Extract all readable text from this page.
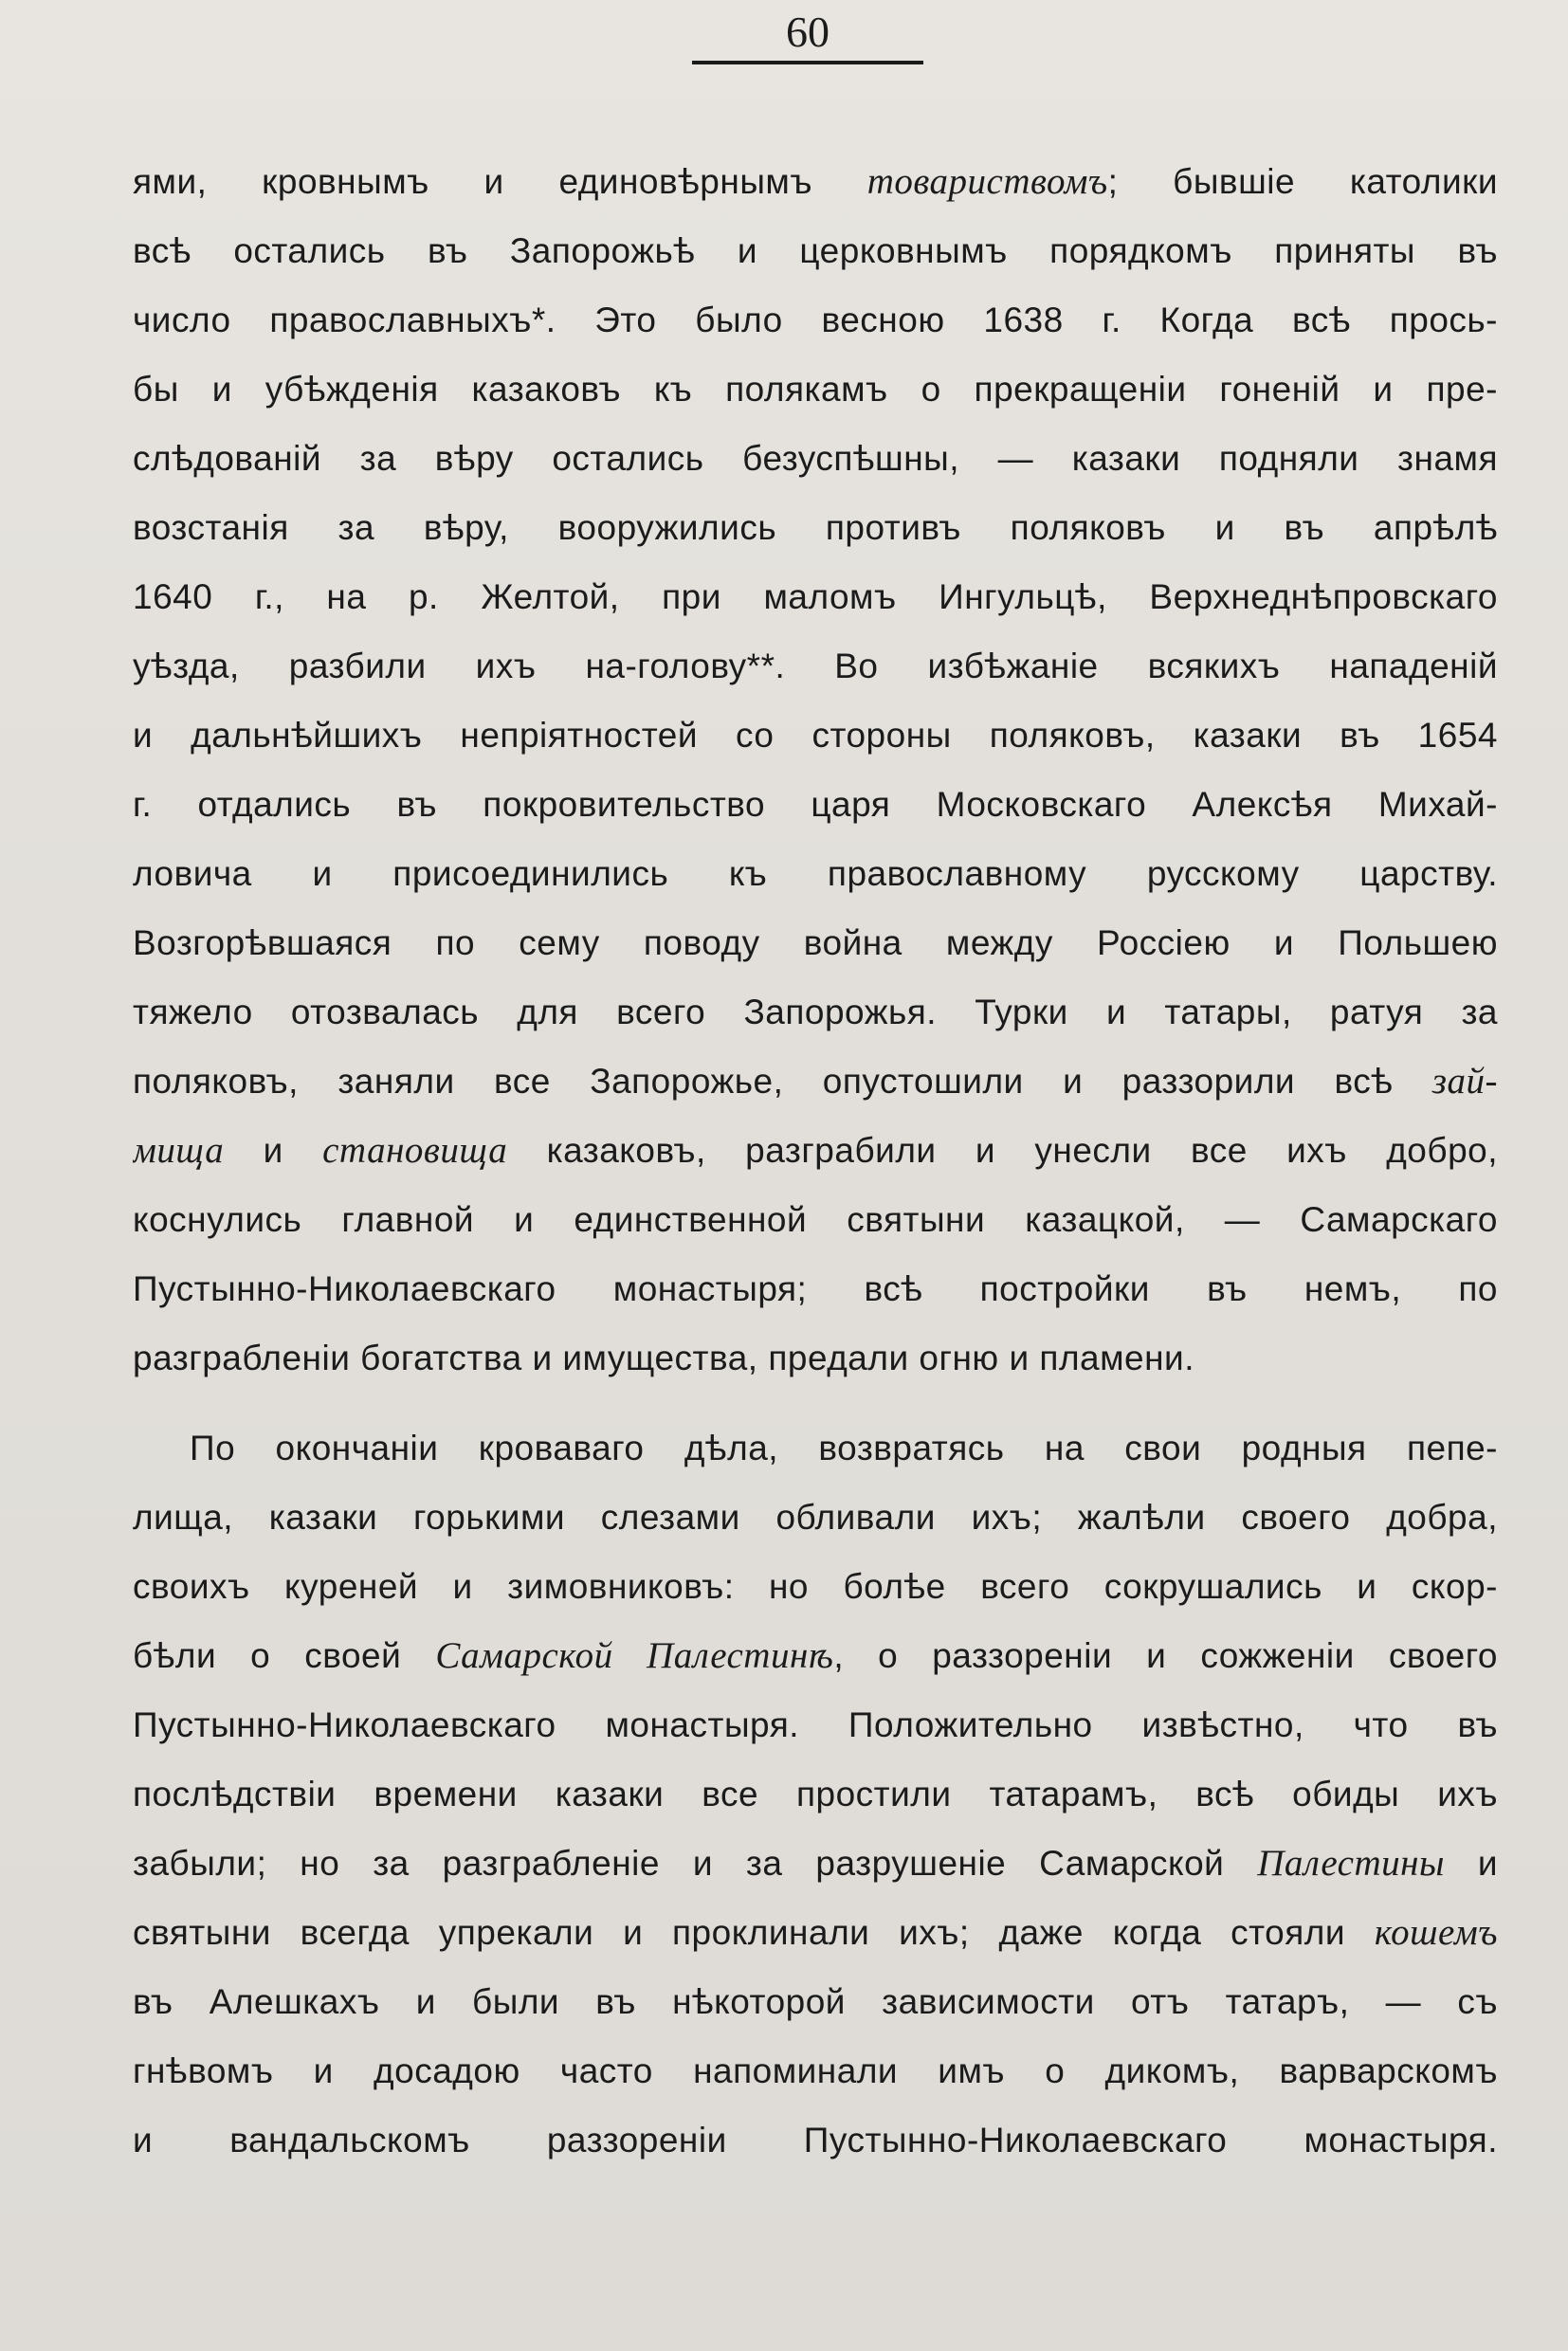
60
ями, кровнымъ и единовѣрнымъ товариствомъ; бывшіе католики
всѣ остались въ Запорожьѣ и церковнымъ порядкомъ приняты въ
число православныхъ*. Это было весною 1638 г. Когда всѣ прось-
бы и убѣжденія казаковъ къ полякамъ о прекращеніи гоненій и пре-
слѣдованій за вѣру остались безуспѣшны, — казаки подняли знамя
возстанія за вѣру, вооружились противъ поляковъ и въ апрѣлѣ
1640 г., на р. Желтой, при маломъ Ингульцѣ, Верхнеднѣпровскаго
уѣзда, разбили ихъ на-голову**. Во избѣжаніе всякихъ нападеній
и дальнѣйшихъ непріятностей со стороны поляковъ, казаки въ 1654
г. отдались въ покровительство царя Московскаго Алексѣя Михай-
ловича и присоединились къ православному русскому царству.
Возгорѣвшаяся по сему поводу война между Россіею и Польшею
тяжело отозвалась для всего Запорожья. Турки и татары, ратуя за
поляковъ, заняли все Запорожье, опустошили и раззорили всѣ зай-
мища и становища казаковъ, разграбили и унесли все ихъ добро,
коснулись главной и единственной святыни казацкой, — Самарскаго
Пустынно-Николаевскаго монастыря; всѣ постройки въ немъ, по
разграбленіи богатства и имущества, предали огню и пламени.
По окончаніи кроваваго дѣла, возвратясь на свои родныя пепе-
лища, казаки горькими слезами обливали ихъ; жалѣли своего добра,
своихъ куреней и зимовниковъ: но болѣе всего сокрушались и скор-
бѣли о своей Самарской Палестинѣ, о раззореніи и сожженіи своего
Пустынно-Николаевскаго монастыря. Положительно извѣстно, что въ
послѣдствіи времени казаки все простили татарамъ, всѣ обиды ихъ
забыли; но за разграбленіе и за разрушеніе Самарской Палестины и
святыни всегда упрекали и проклинали ихъ; даже когда стояли кошемъ
въ Алешкахъ и были въ нѣкоторой зависимости отъ татаръ, — съ
гнѣвомъ и досадою часто напоминали имъ о дикомъ, варварскомъ
и вандальскомъ раззореніи Пустынно-Николаевскаго монастыря.
